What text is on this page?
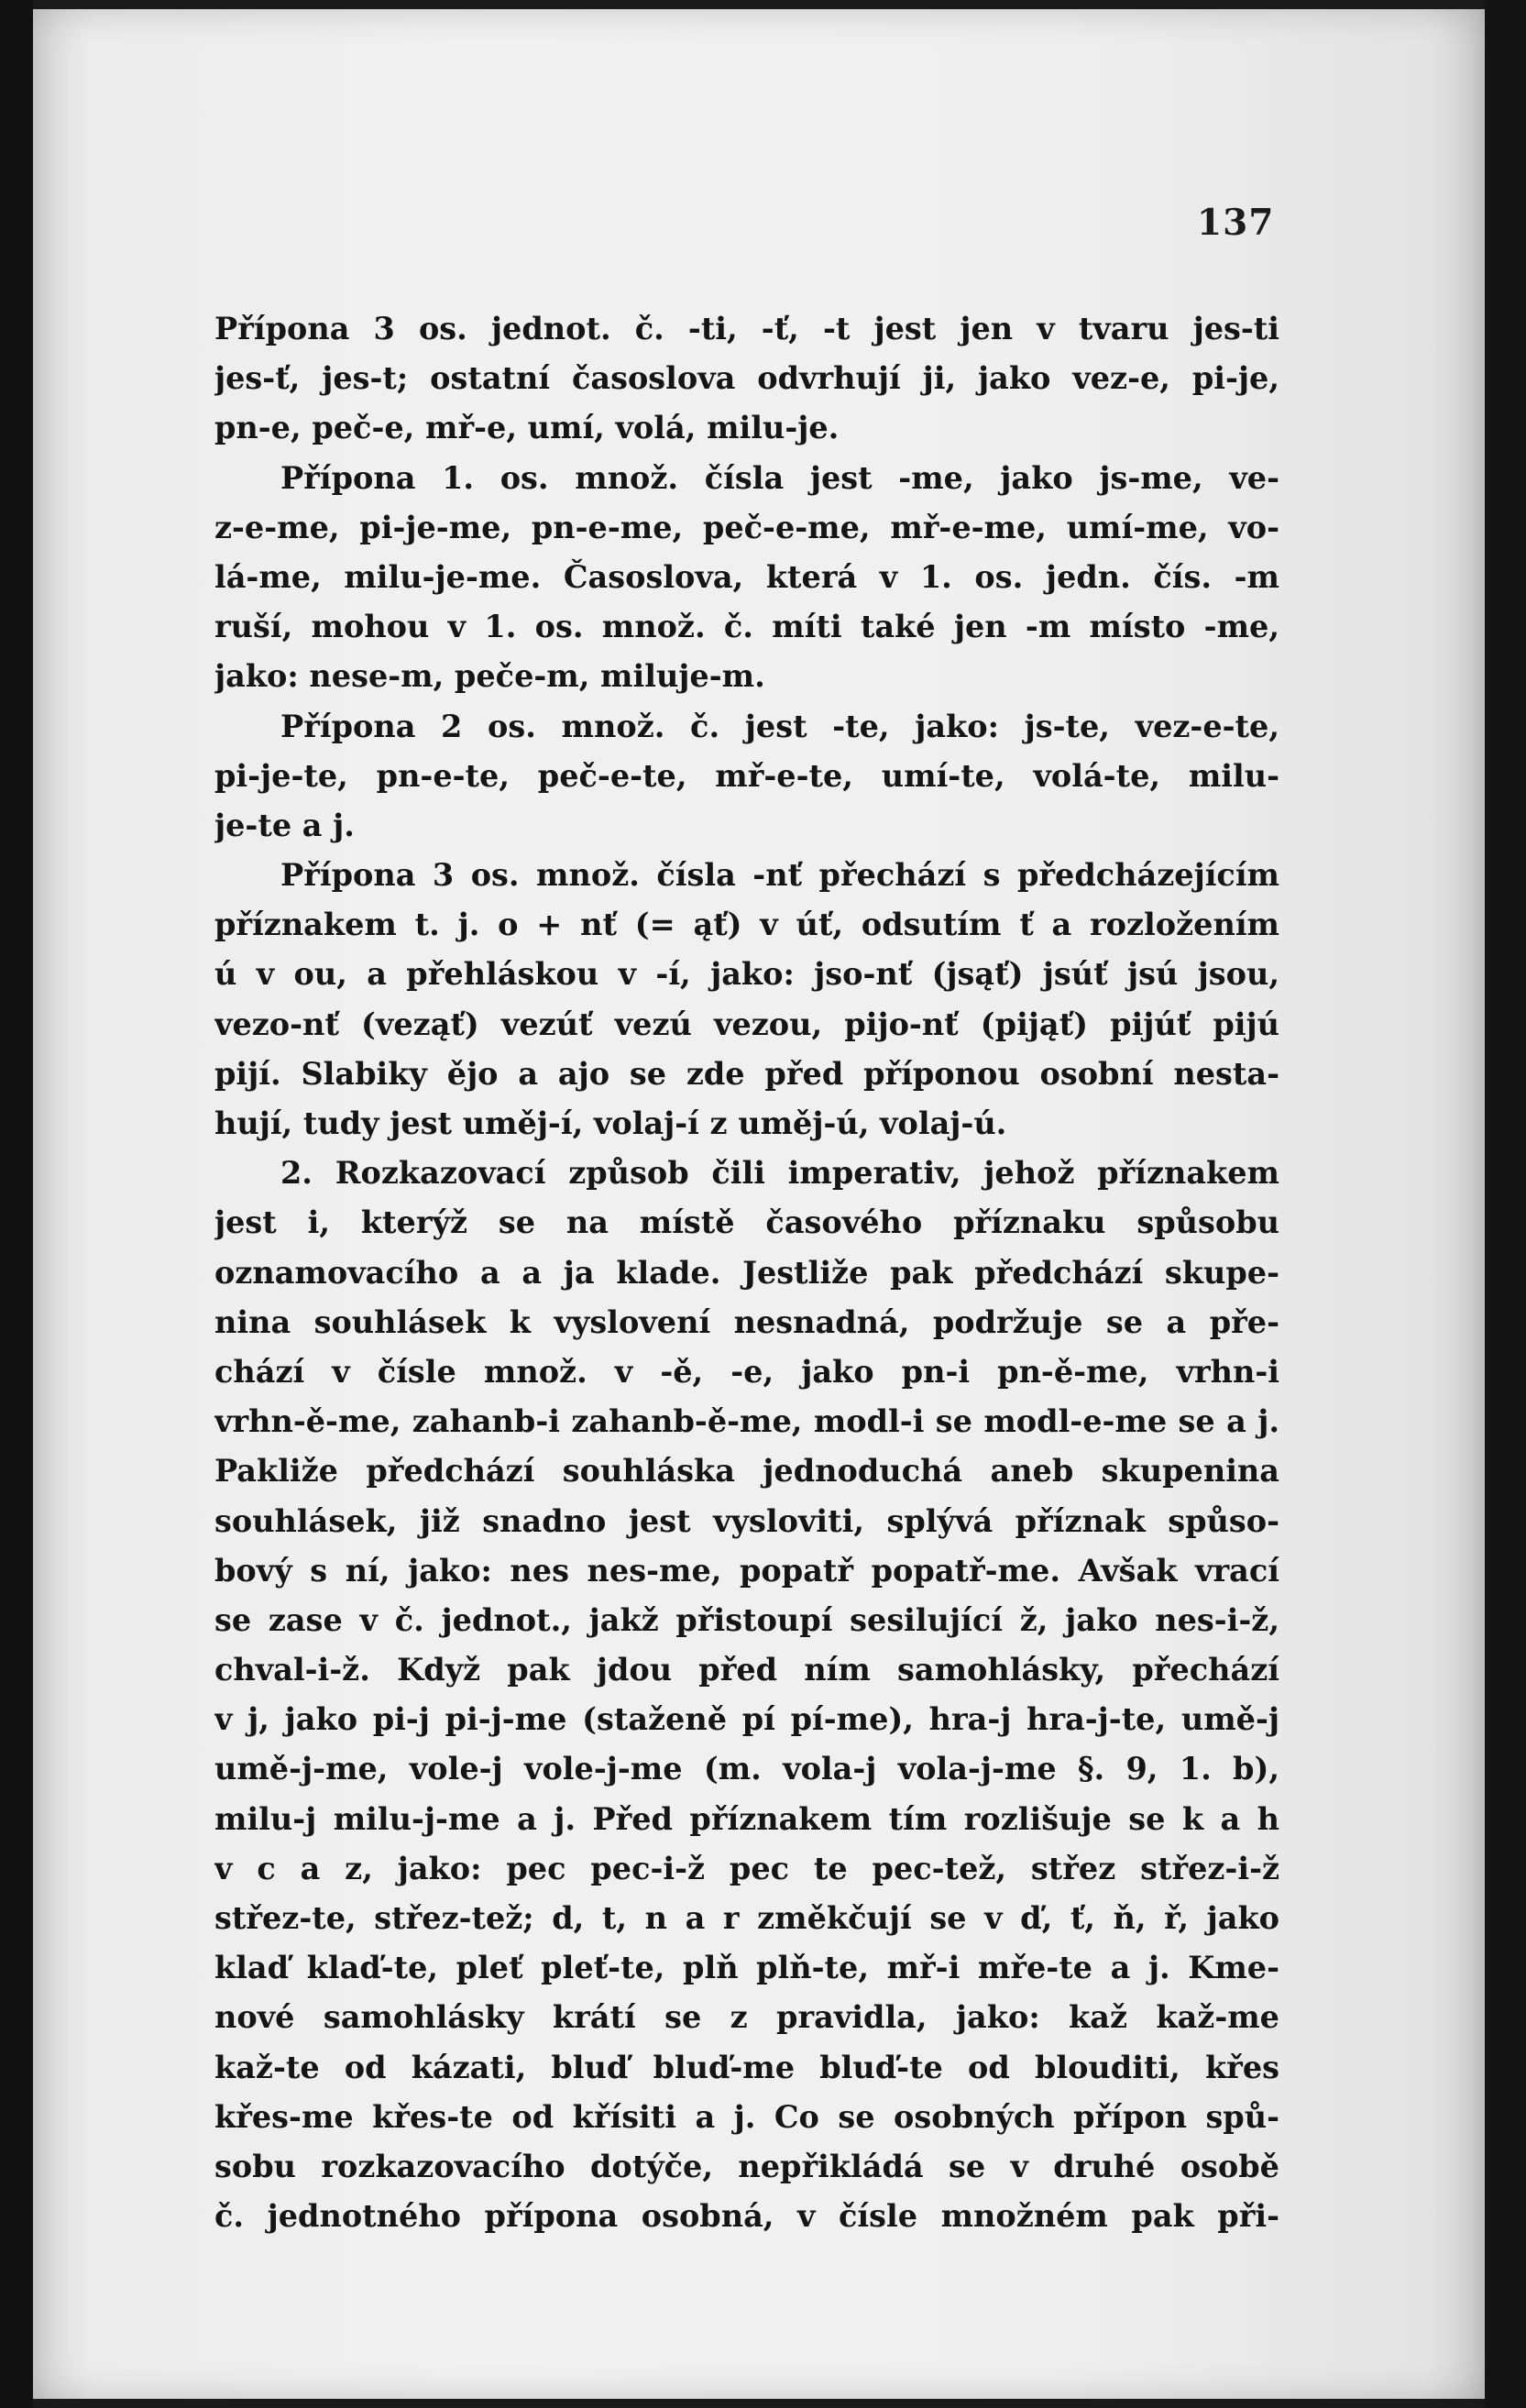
137
Přípona 3 os. jednot. č. -ti, -ť, -t jest jen v tvaru jes-ti
jes-ť, jes-t; ostatní časoslova odvrhují ji, jako vez-e, pi-je,
pn-e, peč-e, mř-e, umí, volá, milu-je.
Přípona 1. os. množ. čísla jest -me, jako js-me, ve-
z-e-me, pi-je-me, pn-e-me, peč-e-me, mř-e-me, umí-me, vo-
lá-me, milu-je-me. Časoslova, která v 1. os. jedn. čís. -m
ruší, mohou v 1. os. množ. č. míti také jen -m místo -me,
jako: nese-m, peče-m, miluje-m.
Přípona 2 os. množ. č. jest -te, jako: js-te, vez-e-te,
pi-je-te, pn-e-te, peč-e-te, mř-e-te, umí-te, volá-te, milu-
je-te a j.
Přípona 3 os. množ. čísla -nť přechází s předcházejícím
příznakem t. j. o + nť (= ąť) v úť, odsutím ť a rozložením
ú v ou, a přehláskou v -í, jako: jso-nť (jsąť) jsúť jsú jsou,
vezo-nť (veząť) vezúť vezú vezou, pijo-nť (pijąť) pijúť pijú
pijí. Slabiky ějo a ajo se zde před příponou osobní nesta-
hují, tudy jest uměj-í, volaj-í z uměj-ú, volaj-ú.
2. Rozkazovací způsob čili imperativ, jehož příznakem
jest i, kterýž se na místě časového příznaku spůsobu
oznamovacího a a ja klade. Jestliže pak předchází skupe-
nina souhlásek k vyslovení nesnadná, podržuje se a pře-
chází v čísle množ. v -ě, -e, jako pn-i pn-ě-me, vrhn-i
vrhn-ě-me, zahanb-i zahanb-ě-me, modl-i se modl-e-me se a j.
Pakliže předchází souhláska jednoduchá aneb skupenina
souhlásek, již snadno jest vysloviti, splývá příznak spůso-
bový s ní, jako: nes nes-me, popatř popatř-me. Avšak vrací
se zase v č. jednot., jakž přistoupí sesilující ž, jako nes-i-ž,
chval-i-ž. Když pak jdou před ním samohlásky, přechází
v j, jako pi-j pi-j-me (staženě pí pí-me), hra-j hra-j-te, umě-j
umě-j-me, vole-j vole-j-me (m. vola-j vola-j-me §. 9, 1. b),
milu-j milu-j-me a j. Před příznakem tím rozlišuje se k a h
v c a z, jako: pec pec-i-ž pec te pec-tež, střez střez-i-ž
střez-te, střez-tež; d, t, n a r změkčují se v ď, ť, ň, ř, jako
klaď klaď-te, pleť pleť-te, plň plň-te, mř-i mře-te a j. Kme-
nové samohlásky krátí se z pravidla, jako: kaž kaž-me
kaž-te od kázati, bluď bluď-me bluď-te od blouditi, křes
křes-me křes-te od křísiti a j. Co se osobných přípon spů-
sobu rozkazovacího dotýče, nepřikládá se v druhé osobě
č. jednotného přípona osobná, v čísle množném pak při-
